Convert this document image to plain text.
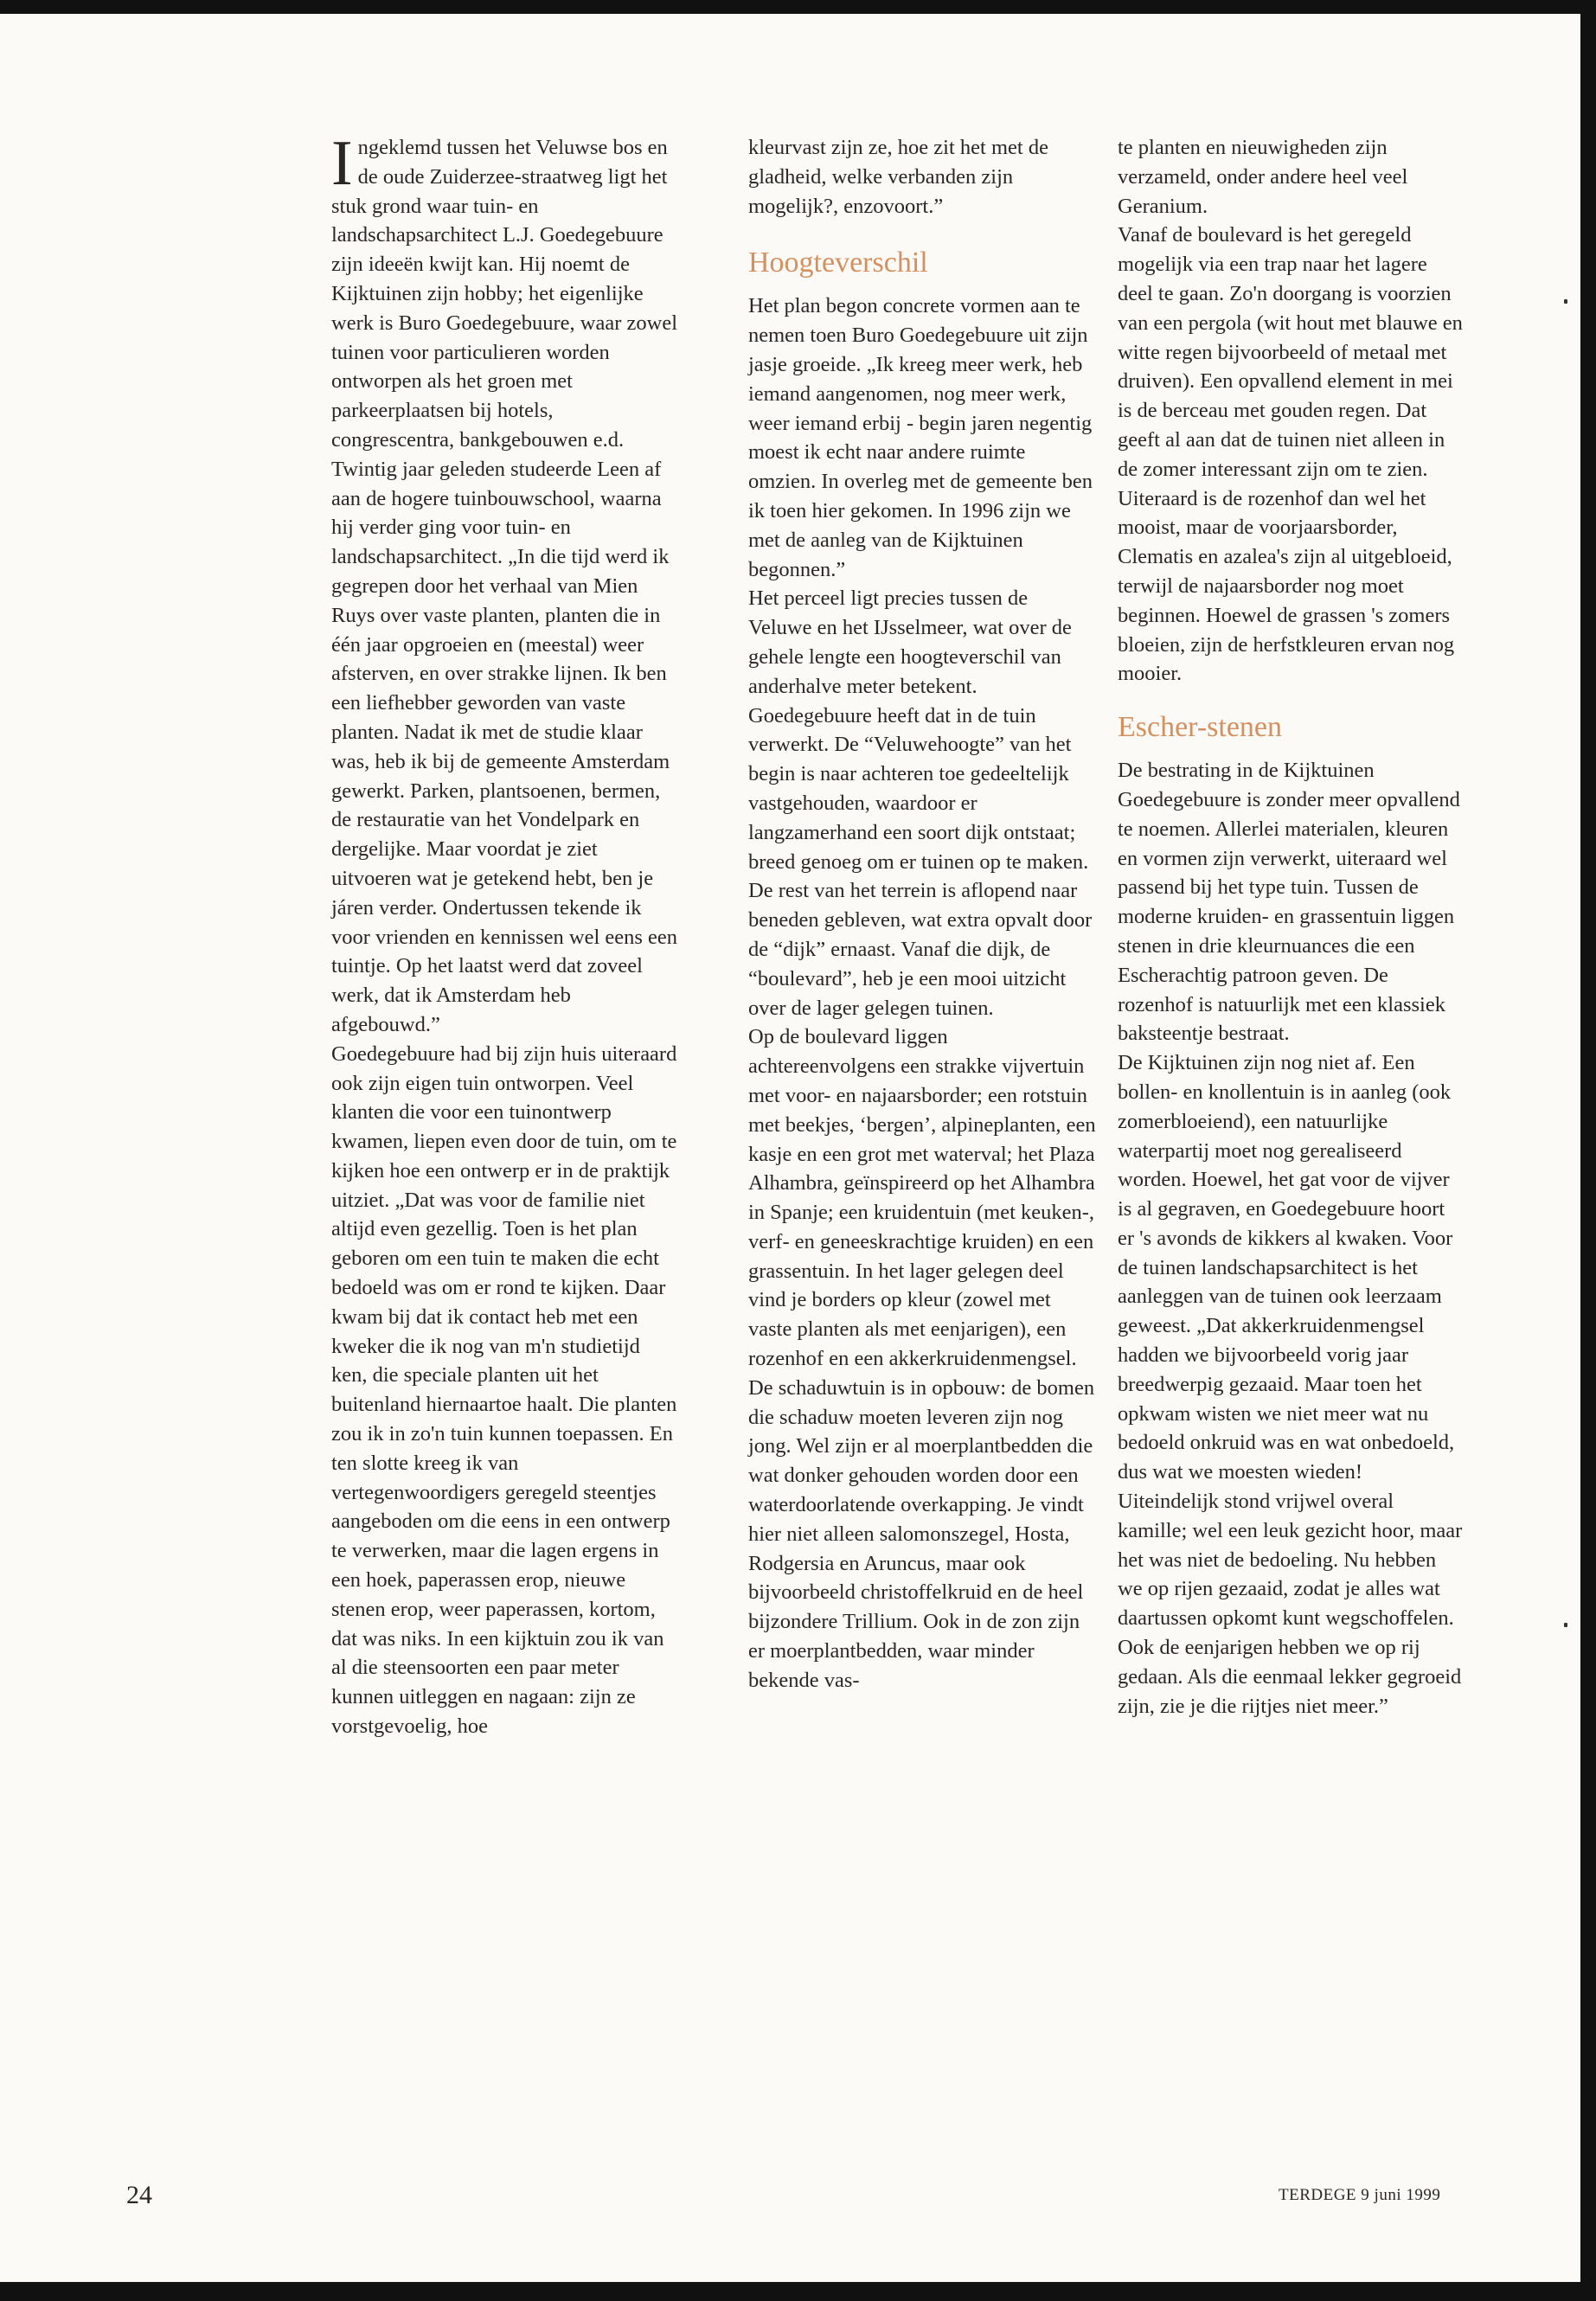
Ingeklemd tussen het Veluwse bos en de oude Zuiderzee-straatweg ligt het stuk grond waar tuin- en landschapsarchitect L.J. Goedegebuure zijn ideeën kwijt kan. Hij noemt de Kijktuinen zijn hobby; het eigenlijke werk is Buro Goedegebuure, waar zowel tuinen voor particulieren worden ontworpen als het groen met parkeerplaatsen bij hotels, congrescentra, bankgebouwen e.d.

Twintig jaar geleden studeerde Leen af aan de hogere tuinbouwschool, waarna hij verder ging voor tuin- en landschapsarchitect. „In die tijd werd ik gegrepen door het verhaal van Mien Ruys over vaste planten, planten die in één jaar opgroeien en (meestal) weer afsterven, en over strakke lijnen. Ik ben een liefhebber geworden van vaste planten. Nadat ik met de studie klaar was, heb ik bij de gemeente Amsterdam gewerkt. Parken, plantsoenen, bermen, de restauratie van het Vondelpark en dergelijke. Maar voordat je ziet uitvoeren wat je getekend hebt, ben je járen verder. Ondertussen tekende ik voor vrienden en kennissen wel eens een tuintje. Op het laatst werd dat zoveel werk, dat ik Amsterdam heb afgebouwd.”

Goedegebuure had bij zijn huis uiteraard ook zijn eigen tuin ontworpen. Veel klanten die voor een tuinontwerp kwamen, liepen even door de tuin, om te kijken hoe een ontwerp er in de praktijk uitziet. „Dat was voor de familie niet altijd even gezellig. Toen is het plan geboren om een tuin te maken die echt bedoeld was om er rond te kijken. Daar kwam bij dat ik contact heb met een kweker die ik nog van m'n studietijd ken, die speciale planten uit het buitenland hiernaartoe haalt. Die planten zou ik in zo'n tuin kunnen toepassen. En ten slotte kreeg ik van vertegenwoordigers geregeld steentjes aangeboden om die eens in een ontwerp te verwerken, maar die lagen ergens in een hoek, paperassen erop, nieuwe stenen erop, weer paperassen, kortom, dat was niks. In een kijktuin zou ik van al die steensoorten een paar meter kunnen uitleggen en nagaan: zijn ze vorstgevoelig, hoe

kleurvast zijn ze, hoe zit het met de gladheid, welke verbanden zijn mogelijk?, enzovoort.”

Hoogteverschil

Het plan begon concrete vormen aan te nemen toen Buro Goedegebuure uit zijn jasje groeide. „Ik kreeg meer werk, heb iemand aangenomen, nog meer werk, weer iemand erbij - begin jaren negentig moest ik echt naar andere ruimte omzien. In overleg met de gemeente ben ik toen hier gekomen. In 1996 zijn we met de aanleg van de Kijktuinen begonnen.”

Het perceel ligt precies tussen de Veluwe en het IJsselmeer, wat over de gehele lengte een hoogteverschil van anderhalve meter betekent. Goedegebuure heeft dat in de tuin verwerkt. De “Veluwehoogte” van het begin is naar achteren toe gedeeltelijk vastgehouden, waardoor er langzamerhand een soort dijk ontstaat; breed genoeg om er tuinen op te maken. De rest van het terrein is aflopend naar beneden gebleven, wat extra opvalt door de “dijk” ernaast. Vanaf die dijk, de “boulevard”, heb je een mooi uitzicht over de lager gelegen tuinen.

Op de boulevard liggen achtereenvolgens een strakke vijvertuin met voor- en najaarsborder; een rotstuin met beekjes, ‘bergen’, alpineplanten, een kasje en een grot met waterval; het Plaza Alhambra, geïnspireerd op het Alhambra in Spanje; een kruidentuin (met keuken-, verf- en geneeskrachtige kruiden) en een grassentuin. In het lager gelegen deel vind je borders op kleur (zowel met vaste planten als met eenjarigen), een rozenhof en een akkerkruidenmengsel.

De schaduwtuin is in opbouw: de bomen die schaduw moeten leveren zijn nog jong. Wel zijn er al moerplantbedden die wat donker gehouden worden door een waterdoorlatende overkapping. Je vindt hier niet alleen salomonszegel, Hosta, Rodgersia en Aruncus, maar ook bijvoorbeeld christoffelkruid en de heel bijzondere Trillium. Ook in de zon zijn er moerplantbedden, waar minder bekende vas-

te planten en nieuwigheden zijn verzameld, onder andere heel veel Geranium.

Vanaf de boulevard is het geregeld mogelijk via een trap naar het lagere deel te gaan. Zo'n doorgang is voorzien van een pergola (wit hout met blauwe en witte regen bijvoorbeeld of metaal met druiven). Een opvallend element in mei is de berceau met gouden regen. Dat geeft al aan dat de tuinen niet alleen in de zomer interessant zijn om te zien. Uiteraard is de rozenhof dan wel het mooist, maar de voorjaarsborder, Clematis en azalea's zijn al uitgebloeid, terwijl de najaarsborder nog moet beginnen. Hoewel de grassen 's zomers bloeien, zijn de herfstkleuren ervan nog mooier.

Escher-stenen

De bestrating in de Kijktuinen Goedegebuure is zonder meer opvallend te noemen. Allerlei materialen, kleuren en vormen zijn verwerkt, uiteraard wel passend bij het type tuin. Tussen de moderne kruiden- en grassentuin liggen stenen in drie kleurnuances die een Escherachtig patroon geven. De rozenhof is natuurlijk met een klassiek baksteentje bestraat.

De Kijktuinen zijn nog niet af. Een bollen- en knollentuin is in aanleg (ook zomerbloeiend), een natuurlijke waterpartij moet nog gerealiseerd worden. Hoewel, het gat voor de vijver is al gegraven, en Goedegebuure hoort er 's avonds de kikkers al kwaken. Voor de tuinen landschapsarchitect is het aanleggen van de tuinen ook leerzaam geweest. „Dat akkerkruidenmengsel hadden we bijvoorbeeld vorig jaar breedwerpig gezaaid. Maar toen het opkwam wisten we niet meer wat nu bedoeld onkruid was en wat onbedoeld, dus wat we moesten wieden! Uiteindelijk stond vrijwel overal kamille; wel een leuk gezicht hoor, maar het was niet de bedoeling. Nu hebben we op rijen gezaaid, zodat je alles wat daartussen opkomt kunt wegschoffelen. Ook de eenjarigen hebben we op rij gedaan. Als die eenmaal lekker gegroeid zijn, zie je die rijtjes niet meer.”

24	TERDEGE 9 juni 1999
